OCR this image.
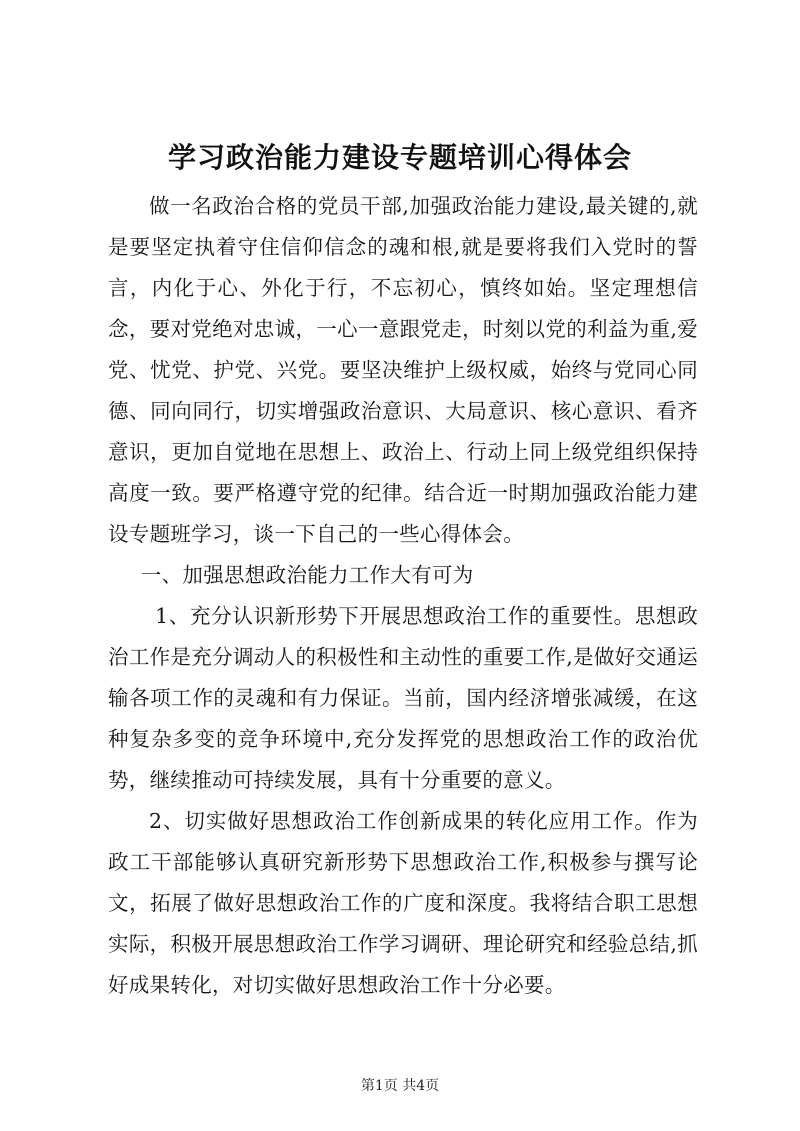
学习政治能力建设专题培训心得体会

做一名政治合格的党员干部,加强政治能力建设,最关键的,就是要坚定执着守住信仰信念的魂和根,就是要将我们入党时的誓言，内化于心、外化于行，不忘初心，慎终如始。坚定理想信念，要对党绝对忠诚，一心一意跟党走，时刻以党的利益为重,爱党、忧党、护党、兴党。要坚决维护上级权威，始终与党同心同德、同向同行，切实增强政治意识、大局意识、核心意识、看齐意识，更加自觉地在思想上、政治上、行动上同上级党组织保持高度一致。要严格遵守党的纪律。结合近一时期加强政治能力建设专题班学习，谈一下自己的一些心得体会。

一、加强思想政治能力工作大有可为

1、充分认识新形势下开展思想政治工作的重要性。思想政治工作是充分调动人的积极性和主动性的重要工作,是做好交通运输各项工作的灵魂和有力保证。当前，国内经济增张减缓，在这种复杂多变的竞争环境中,充分发挥党的思想政治工作的政治优势，继续推动可持续发展，具有十分重要的意义。

2、切实做好思想政治工作创新成果的转化应用工作。作为政工干部能够认真研究新形势下思想政治工作,积极参与撰写论文，拓展了做好思想政治工作的广度和深度。我将结合职工思想实际，积极开展思想政治工作学习调研、理论研究和经验总结,抓好成果转化，对切实做好思想政治工作十分必要。

第1页 共4页
